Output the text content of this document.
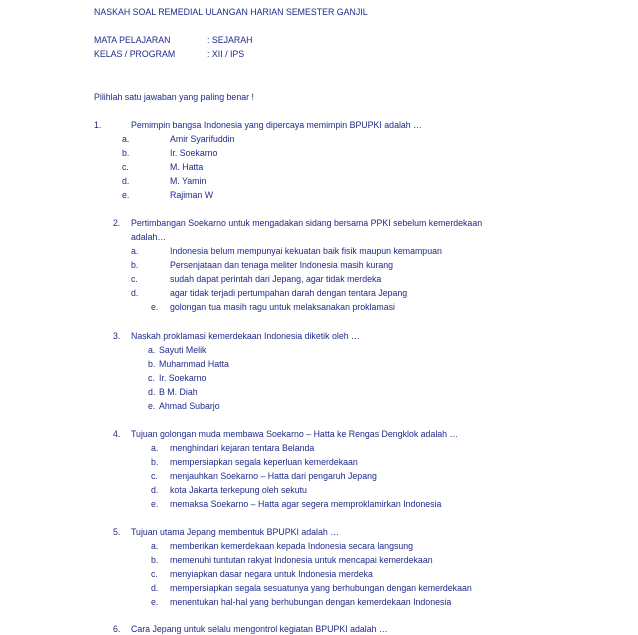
NASKAH SOAL REMEDIAL ULANGAN HARIAN SEMESTER GANJIL
MATA PELAJARAN	: SEJARAH
KELAS / PROGRAM	: XII / IPS
Pilihlah satu jawaban yang paling benar !
1.	Pemimpin bangsa Indonesia yang dipercaya memimpin BPUPKI adalah …
a.	Amir Syarifuddin
b.	Ir. Soekarno
c.	M. Hatta
d.	M. Yamin
e.	Rajiman W
2. Pertimbangan Soekarno untuk mengadakan sidang bersama PPKI sebelum kemerdekaan
adalah…
a.	Indonesia belum mempunyai kekuatan baik fisik maupun kemampuan
b.	Persenjataan dan tenaga meliter Indonesia masih kurang
c.	sudah dapat perintah dari Jepang, agar tidak merdeka
d.	agar tidak terjadi pertumpahan darah dengan tentara Jepang
e. golongan tua masih ragu untuk melaksanakan proklamasi
3. Naskah proklamasi kemerdekaan Indonesia diketik oleh …
a. Sayuti Melik
b. Muhammad Hatta
c. Ir. Soekarno
d. B M. Diah
e. Ahmad Subarjo
4. Tujuan golongan muda membawa Soekarno – Hatta ke Rengas Dengklok adalah …
a. menghindari kejaran tentara Belanda
b. mempersiapkan segala keperluan kemerdekaan
c. menjauhkan Soekarno – Hatta dari pengaruh Jepang
d. kota Jakarta terkepung oleh sekutu
e. memaksa Soekarno – Hatta agar segera memproklamirkan Indonesia
5. Tujuan utama Jepang membentuk BPUPKI adalah …
a. memberikan kemerdekaan kepada Indonesia secara langsung
b. memenuhi tuntutan rakyat Indonesia untuk mencapai kemerdekaan
c. menyiapkan dasar negara untuk Indonesia merdeka
d. mempersiapkan segala sesuatunya yang berhubungan dengan kemerdekaan
e. menentukan hal-hal yang berhubungan dengan kemerdekaan Indonesia
6. Cara Jepang untuk selalu mengontrol kegiatan BPUPKI adalah …
